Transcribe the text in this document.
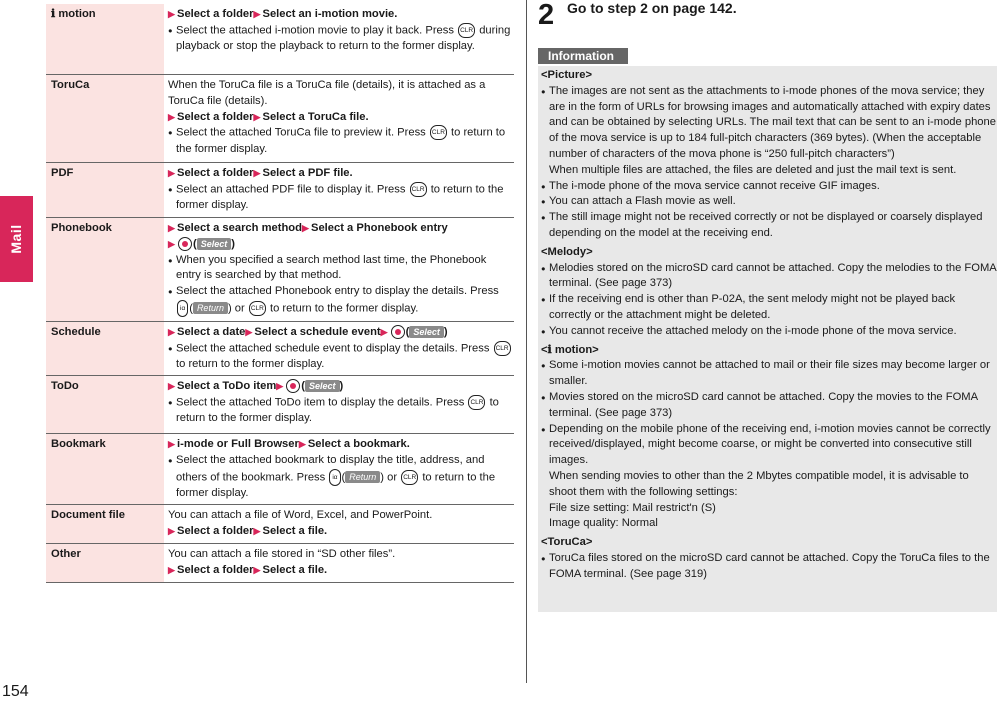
Mail
ℹ motion	▶ Select a folder▶ Select an i-motion movie.
● Select the attached i-motion movie to play it back. Press CLR during playback or stop the playback to return to the former display.
ToruCa	When the ToruCa file is a ToruCa file (details), it is attached as a ToruCa file (details).
▶ Select a folder▶ Select a ToruCa file.
● Select the attached ToruCa file to preview it. Press CLR to return to the former display.
PDF	▶ Select a folder▶ Select a PDF file.
● Select an attached PDF file to display it. Press CLR to return to the former display.
Phonebook	▶ Select a search method▶ Select a Phonebook entry
▶ ( Select )
● When you specified a search method last time, the Phonebook entry is searched by that method.
● Select the attached Phonebook entry to display the details. Press iα ( Return ) or CLR to return to the former display.
Schedule	▶ Select a date▶ Select a schedule event▶ ( Select )
● Select the attached schedule event to display the details. Press CLR to return to the former display.
ToDo	▶ Select a ToDo item▶ ( Select )
● Select the attached ToDo item to display the details. Press CLR to return to the former display.
Bookmark	▶ i-mode or Full Browser▶ Select a bookmark.
● Select the attached bookmark to display the title, address, and others of the bookmark. Press iα ( Return ) or CLR to return to the former display.
Document file	You can attach a file of Word, Excel, and PowerPoint.
▶ Select a folder▶ Select a file.
Other	You can attach a file stored in “SD other files”.
▶ Select a folder▶ Select a file.
154
2 Go to step 2 on page 142.
Information
<Picture>
● The images are not sent as the attachments to i-mode phones of the mova service; they are in the form of URLs for browsing images and automatically attached with expiry dates and can be obtained by selecting URLs. The mail text that can be sent to an i-mode phone of the mova service is up to 184 full-pitch characters (369 bytes). (When the acceptable number of characters of the mova phone is “250 full-pitch characters”)
When multiple files are attached, the files are deleted and just the mail text is sent.
● The i-mode phone of the mova service cannot receive GIF images.
● You can attach a Flash movie as well.
● The still image might not be received correctly or not be displayed or coarsely displayed depending on the model at the receiving end.
<Melody>
● Melodies stored on the microSD card cannot be attached. Copy the melodies to the FOMA terminal. (See page 373)
● If the receiving end is other than P-02A, the sent melody might not be played back correctly or the attachment might be deleted.
● You cannot receive the attached melody on the i-mode phone of the mova service.
<ℹ motion>
● Some i-motion movies cannot be attached to mail or their file sizes may become larger or smaller.
● Movies stored on the microSD card cannot be attached. Copy the movies to the FOMA terminal. (See page 373)
● Depending on the mobile phone of the receiving end, i-motion movies cannot be correctly received/displayed, might become coarse, or might be converted into consecutive still images.
When sending movies to other than the 2 Mbytes compatible model, it is advisable to shoot them with the following settings:
File size setting: Mail restrict'n (S)
Image quality: Normal
<ToruCa>
● ToruCa files stored on the microSD card cannot be attached. Copy the ToruCa files to the FOMA terminal. (See page 319)
